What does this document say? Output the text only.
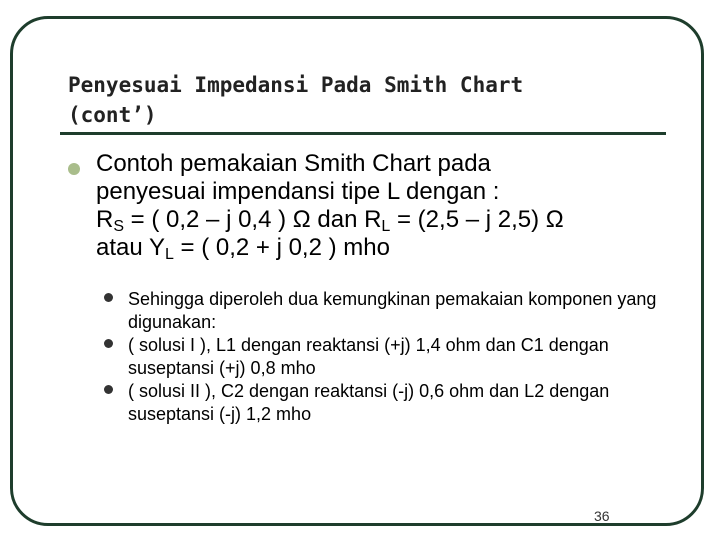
Penyesuai Impedansi Pada Smith Chart
(cont’)
Contoh pemakaian Smith Chart pada
penyesuai impendansi tipe L dengan :
$R_S$ = ( 0,2 – j 0,4 ) Ω dan $R_L = (2,5 - j$ 2,5) Ω
atau $Y_L$ = ( 0,2 + j 0,2 ) mho
Sehingga diperoleh dua kemungkinan pemakaian komponen yang digunakan:
( solusi I ), L1 dengan reaktansi (+j) 1,4 ohm dan C1 dengan suseptansi (+j) 0,8 mho
( solusi II ), C2 dengan reaktansi (-j) 0,6 ohm dan L2 dengan suseptansi (-j) 1,2 mho
36
